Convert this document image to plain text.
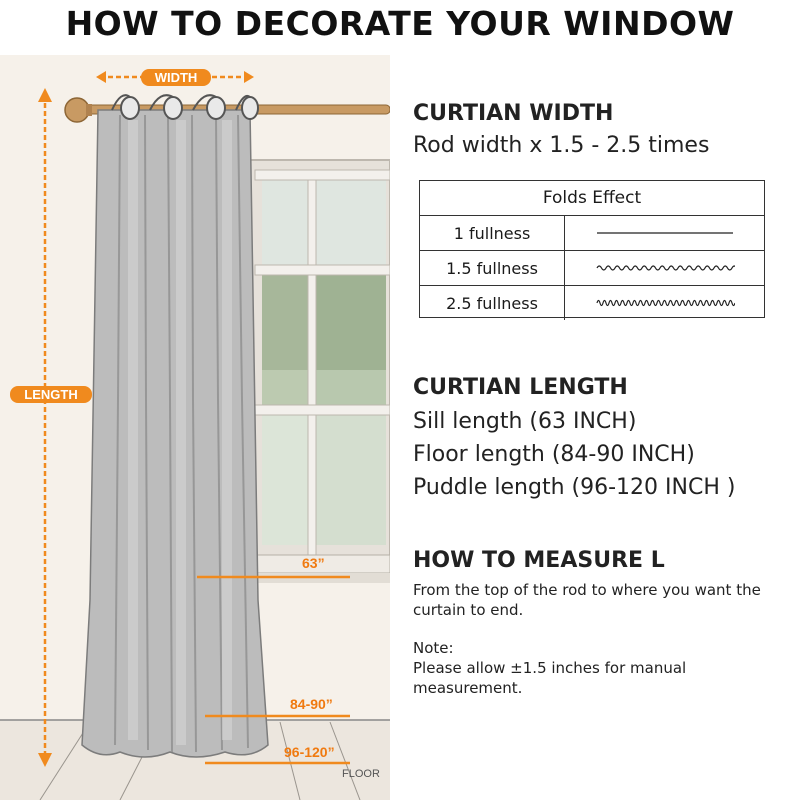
HOW TO DECORATE YOUR WINDOW
WIDTH
LENGTH
63”
84-90”
96-120”
FLOOR
CURTIAN WIDTH
Rod width x 1.5 - 2.5 times
CURTIAN LENGTH
Sill length (63 INCH)
Floor length (84-90 INCH)
Puddle length (96-120 INCH )
HOW TO MEASURE L
From the top of the rod to where you want the curtain to end.
Note:
Please allow ±1.5 inches for manual measurement.
Folds Effect
1 fullness
1.5 fullness
2.5 fullness
